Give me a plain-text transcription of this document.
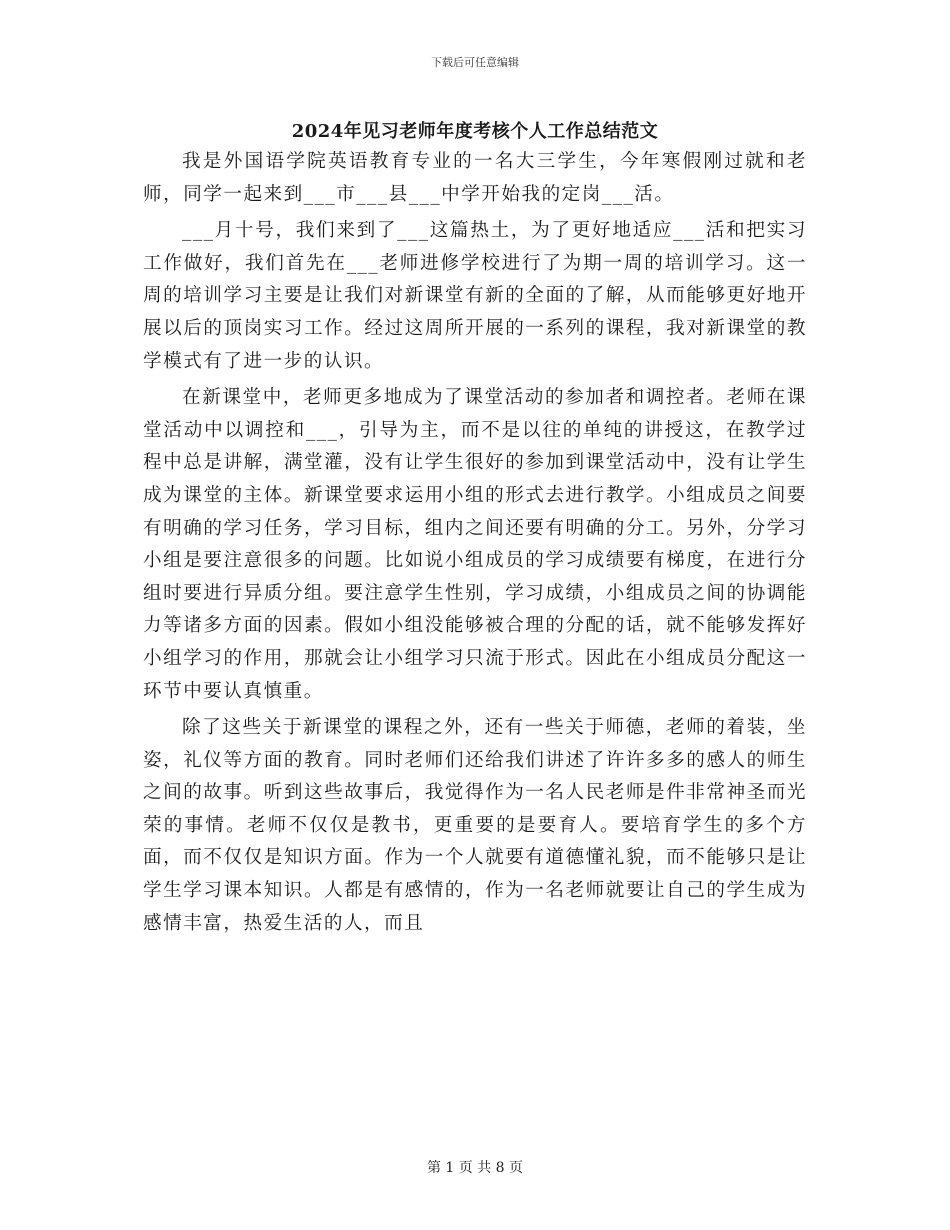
下载后可任意编辑
2024年见习老师年度考核个人工作总结范文

我是外国语学院英语教育专业的一名大三学生，今年寒假刚过就和老师，同学一起来到___市___县___中学开始我的定岗___活。

___月十号，我们来到了___这篇热土，为了更好地适应___活和把实习工作做好，我们首先在___老师进修学校进行了为期一周的培训学习。这一周的培训学习主要是让我们对新课堂有新的全面的了解，从而能够更好地开展以后的顶岗实习工作。经过这周所开展的一系列的课程，我对新课堂的教学模式有了进一步的认识。

在新课堂中，老师更多地成为了课堂活动的参加者和调控者。老师在课堂活动中以调控和___，引导为主，而不是以往的单纯的讲授这，在教学过程中总是讲解，满堂灌，没有让学生很好的参加到课堂活动中，没有让学生成为课堂的主体。新课堂要求运用小组的形式去进行教学。小组成员之间要有明确的学习任务，学习目标，组内之间还要有明确的分工。另外，分学习小组是要注意很多的问题。比如说小组成员的学习成绩要有梯度，在进行分组时要进行异质分组。要注意学生性别，学习成绩，小组成员之间的协调能力等诸多方面的因素。假如小组没能够被合理的分配的话，就不能够发挥好小组学习的作用，那就会让小组学习只流于形式。因此在小组成员分配这一环节中要认真慎重。

除了这些关于新课堂的课程之外，还有一些关于师德，老师的着装，坐姿，礼仪等方面的教育。同时老师们还给我们讲述了许许多多的感人的师生之间的故事。听到这些故事后，我觉得作为一名人民老师是件非常神圣而光荣的事情。老师不仅仅是教书，更重要的是要育人。要培育学生的多个方面，而不仅仅是知识方面。作为一个人就要有道德懂礼貌，而不能够只是让学生学习课本知识。人都是有感情的，作为一名老师就要让自己的学生成为感情丰富，热爱生活的人，而且

第 1 页 共 8 页
